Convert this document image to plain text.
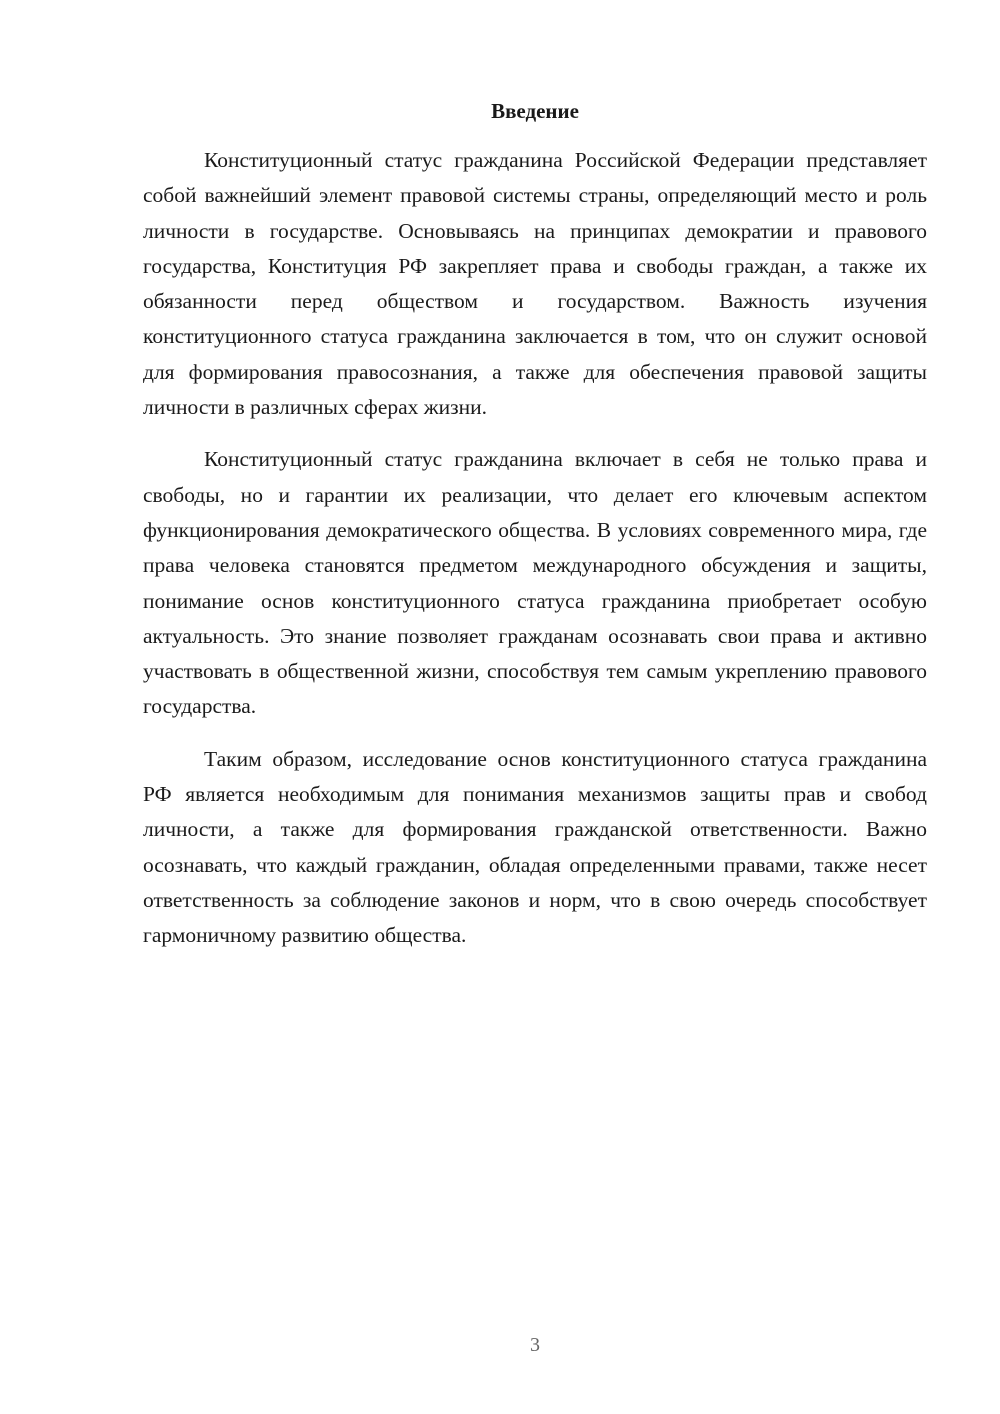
Введение

Конституционный статус гражданина Российской Федерации представляет собой важнейший элемент правовой системы страны, определяющий место и роль личности в государстве. Основываясь на принципах демократии и правового государства, Конституция РФ закрепляет права и свободы граждан, а также их обязанности перед обществом и государством. Важность изучения конституционного статуса гражданина заключается в том, что он служит основой для формирования правосознания, а также для обеспечения правовой защиты личности в различных сферах жизни.

Конституционный статус гражданина включает в себя не только права и свободы, но и гарантии их реализации, что делает его ключевым аспектом функционирования демократического общества. В условиях современного мира, где права человека становятся предметом международного обсуждения и защиты, понимание основ конституционного статуса гражданина приобретает особую актуальность. Это знание позволяет гражданам осознавать свои права и активно участвовать в общественной жизни, способствуя тем самым укреплению правового государства.

Таким образом, исследование основ конституционного статуса гражданина РФ является необходимым для понимания механизмов защиты прав и свобод личности, а также для формирования гражданской ответственности. Важно осознавать, что каждый гражданин, обладая определенными правами, также несет ответственность за соблюдение законов и норм, что в свою очередь способствует гармоничному развитию общества.

3
